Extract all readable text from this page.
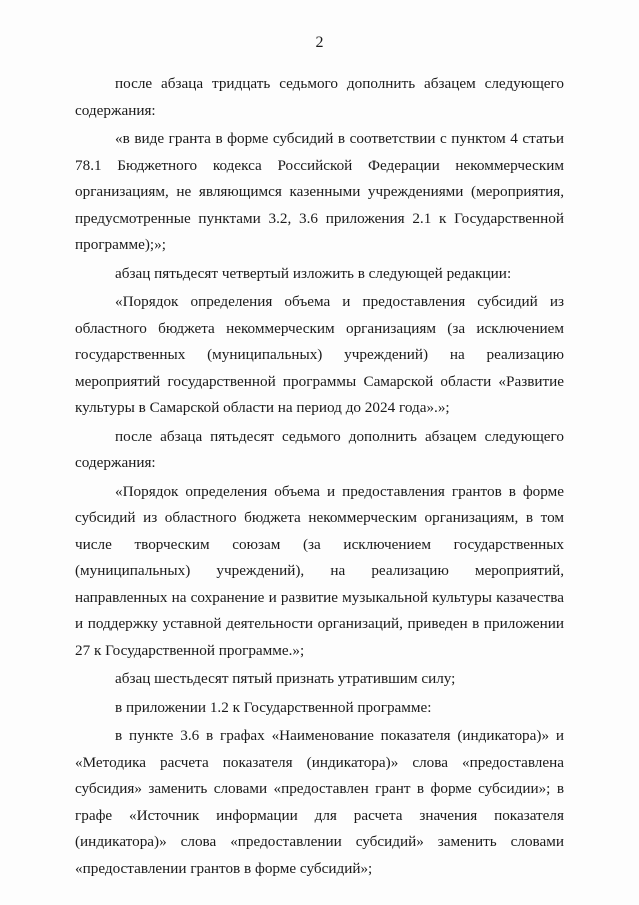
2

после абзаца тридцать седьмого дополнить абзацем следующего содержания:

«в виде гранта в форме субсидий в соответствии с пунктом 4 статьи 78.1 Бюджетного кодекса Российской Федерации некоммерческим организациям, не являющимся казенными учреждениями (мероприятия, предусмотренные пунктами 3.2, 3.6 приложения 2.1 к Государственной программе);»;

абзац пятьдесят четвертый изложить в следующей редакции:

«Порядок определения объема и предоставления субсидий из областного бюджета некоммерческим организациям (за исключением государственных (муниципальных) учреждений) на реализацию мероприятий государственной программы Самарской области «Развитие культуры в Самарской области на период до 2024 года».»;

после абзаца пятьдесят седьмого дополнить абзацем следующего содержания:

«Порядок определения объема и предоставления грантов в форме субсидий из областного бюджета некоммерческим организациям, в том числе творческим союзам (за исключением государственных (муниципальных) учреждений), на реализацию мероприятий, направленных на сохранение и развитие музыкальной культуры казачества и поддержку уставной деятельности организаций, приведен в приложении 27 к Государственной программе.»;

абзац шестьдесят пятый признать утратившим силу;

в приложении 1.2 к Государственной программе:

в пункте 3.6 в графах «Наименование показателя (индикатора)» и «Методика расчета показателя (индикатора)» слова «предоставлена субсидия» заменить словами «предоставлен грант в форме субсидии»; в графе «Источник информации для расчета значения показателя (индикатора)» слова «предоставлении субсидий» заменить словами «предоставлении грантов в форме субсидий»;
